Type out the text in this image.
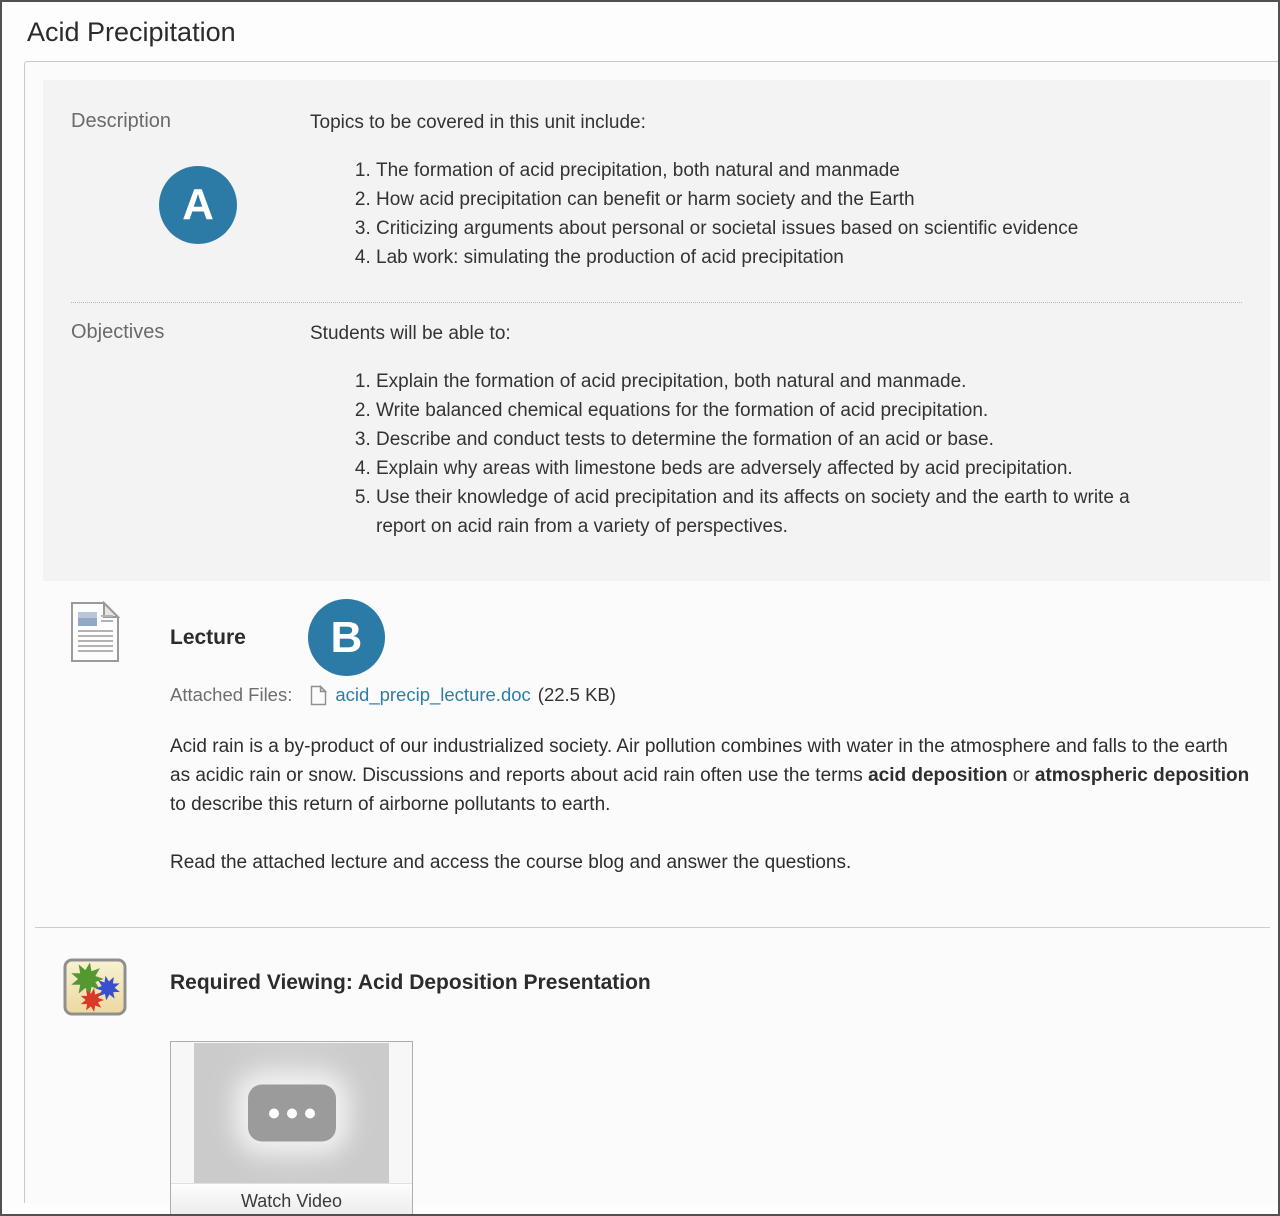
Acid Precipitation
Description
A

Topics to be covered in this unit include:

1. The formation of acid precipitation, both natural and manmade
2. How acid precipitation can benefit or harm society and the Earth
3. Criticizing arguments about personal or societal issues based on scientific evidence
4. Lab work: simulating the production of acid precipitation
Objectives	Students will be able to:

1. Explain the formation of acid precipitation, both natural and manmade.
2. Write balanced chemical equations for the formation of acid precipitation.
3. Describe and conduct tests to determine the formation of an acid or base.
4. Explain why areas with limestone beds are adversely affected by acid precipitation.
5. Use their knowledge of acid precipitation and its affects on society and the earth to write a report on acid rain from a variety of perspectives.
Lecture B
Attached Files: acid_precip_lecture.doc (22.5 KB)

Acid rain is a by-product of our industrialized society. Air pollution combines with water in the atmosphere and falls to the earth as acidic rain or snow. Discussions and reports about acid rain often use the terms acid deposition or atmospheric deposition to describe this return of airborne pollutants to earth.

Read the attached lecture and access the course blog and answer the questions.

Required Viewing: Acid Deposition Presentation
Watch Video
